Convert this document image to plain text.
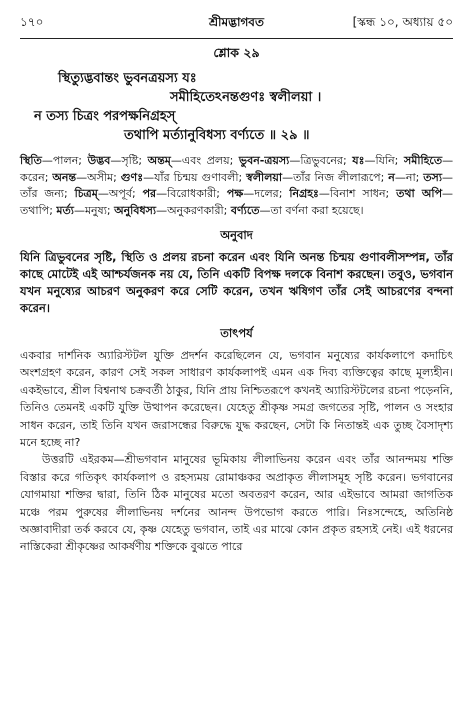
১৭০	শ্রীমদ্ভাগবত	[স্কন্ধ ১০, অধ্যায় ৫০
শ্লোক ২৯
স্থিত্যুদ্ভবান্তং ভুবনত্রয়স্য যঃ
সমীহিতেঽনন্তগুণঃ স্বলীলয়া ।
ন তস্য চিত্রং পরপক্ষনিগ্রহস্
তথাপি মর্ত্যানুবিধস্য বর্ণ্যতে ॥ ২৯ ॥
স্থিতি—পালন; উদ্ভব—সৃষ্টি; অন্তম্—এবং প্রলয়; ভুবন-ত্রয়স্য—ত্রিভুবনের; যঃ—যিনি; সমীহিতে—করেন; অনন্ত—অসীম; গুণঃ—যাঁর চিন্ময় গুণাবলী; স্বলীলয়া—তাঁর নিজ লীলারূপে; ন—না; তস্য—তাঁর জন্য; চিত্রম্—অপূর্ব; পর—বিরোধকারী; পক্ষ—দলের; নিগ্রহঃ—বিনাশ সাধন; তথা অপি—তথাপি; মর্ত্য—মনুষ্য; অনুবিধস্য—অনুকরণকারী; বর্ণ্যতে—তা বর্ণনা করা হয়েছে।
অনুবাদ
যিনি ত্রিভুবনের সৃষ্টি, স্থিতি ও প্রলয় রচনা করেন এবং যিনি অনন্ত চিন্ময় গুণাবলীসম্পন্ন, তাঁর কাছে মোটেই এই আশ্চর্যজনক নয় যে, তিনি একটি বিপক্ষ দলকে বিনাশ করছেন। তবুও, ভগবান যখন মনুষ্যের আচরণ অনুকরণ করে সেটি করেন, তখন ঋষিগণ তাঁর সেই আচরণের বন্দনা করেন।
তাৎপর্য

একবার দার্শনিক অ্যারিস্টটল যুক্তি প্রদর্শন করেছিলেন যে, ভগবান মনুষ্যের কার্যকলাপে কদাচিৎ অংশগ্রহণ করেন, কারণ সেই সকল সাধারণ কার্যকলাপই এমন এক দিব্য ব্যক্তিত্বের কাছে মূল্যহীন। একইভাবে, শ্রীল বিশ্বনাথ চক্রবর্তী ঠাকুর, যিনি প্রায় নিশ্চিতরূপে কখনই অ্যারিস্টটলের রচনা পড়েননি, তিনিও তেমনই একটি যুক্তি উত্থাপন করেছেন। যেহেতু শ্রীকৃষ্ণ সমগ্র জগতের সৃষ্টি, পালন ও সংহার সাধন করেন, তাই তিনি যখন জরাসন্ধের বিরুদ্ধে যুদ্ধ করছেন, সেটা কি নিতান্তই এক তুচ্ছ বৈসাদৃশ্য মনে হচ্ছে না?

উত্তরটি এইরকম—শ্রীভগবান মানুষের ভূমিকায় লীলাভিনয় করেন এবং তাঁর আনন্দময় শক্তি বিস্তার করে গতিকৃৎ কার্যকলাপ ও রহস্যময় রোমাঞ্চকর অপ্রাকৃত লীলাসমূহ সৃষ্টি করেন। ভগবানের যোগমায়া শক্তির দ্বারা, তিনি ঠিক মানুষের মতো অবতরণ করেন, আর এইভাবে আমরা জাগতিক মঞ্চে পরম পুরুষের লীলাভিনয় দর্শনের আনন্দ উপভোগ করতে পারি। নিঃসন্দেহে, অতিনিষ্ঠ অজ্ঞাবাদীরা তর্ক করবে যে, কৃষ্ণ যেহেতু ভগবান, তাই এর মাঝে কোন প্রকৃত রহস্যই নেই। এই ধরনের নাস্তিকেরা শ্রীকৃষ্ণের আকর্ষণীয় শক্তিকে বুঝতে পারে
